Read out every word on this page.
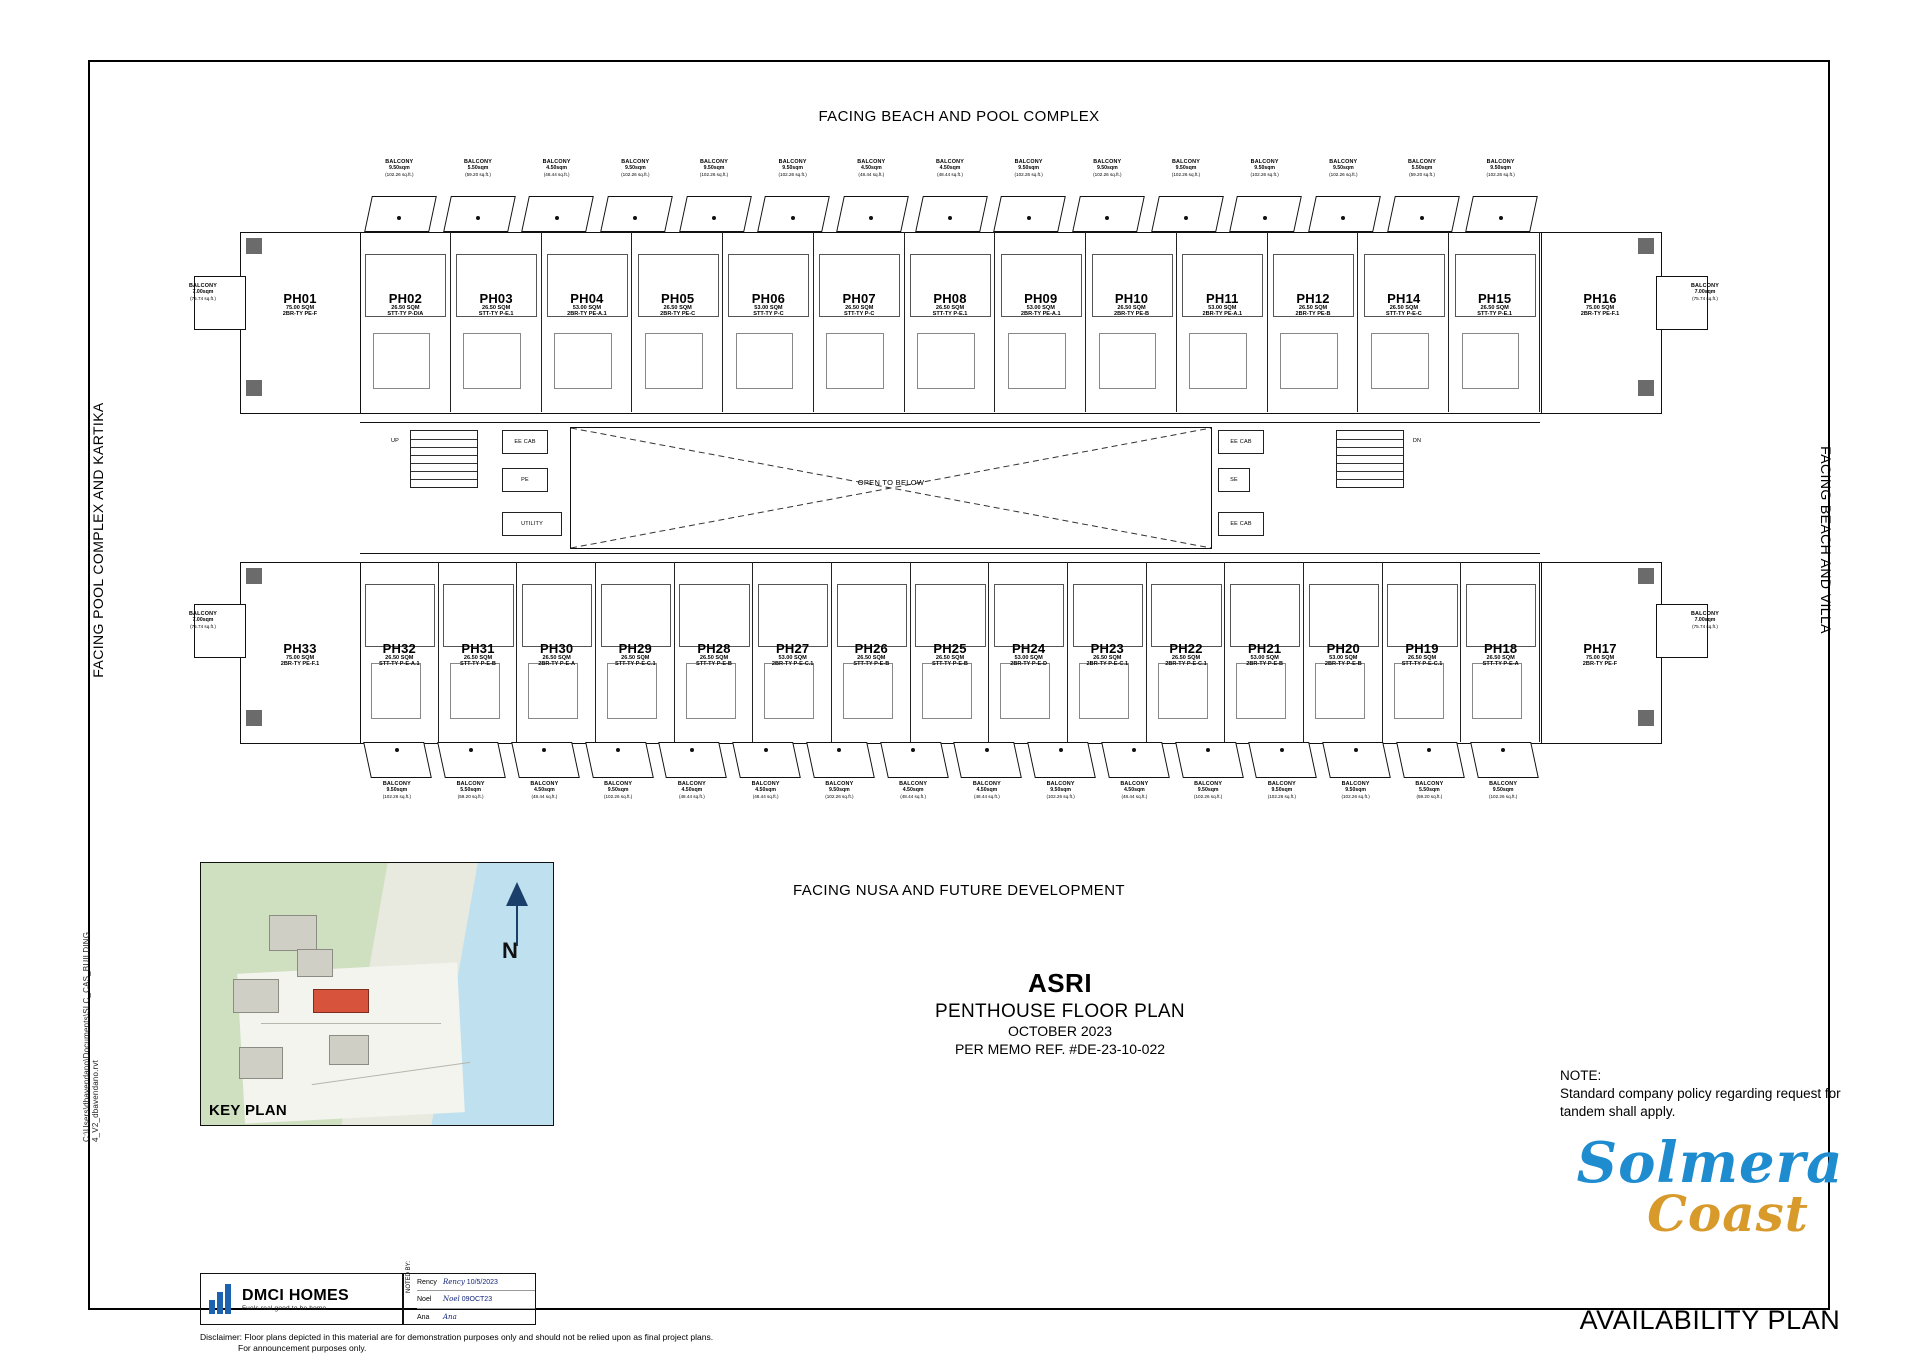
FACING BEACH AND POOL COMPLEX
FACING NUSA AND FUTURE DEVELOPMENT
FACING POOL COMPLEX AND KARTIKA	FACING BEACH AND VILLA
C:\Users\dbavendano\Documents\SLC_CAS_BUILDING 4_V2_dbavendano.rvt
OPEN TO BELOW
EE CAB
PE
UTILITY
EE CAB
SE
EE CAB
UP	DN
BALCONY
7.00sqm
(75.74 sq.ft.)
BALCONY
7.00sqm
(75.74 sq.ft.)
BALCONY
7.00sqm
(75.74 sq.ft.)
BALCONY
7.00sqm
(75.74 sq.ft.)
PH01
75.00 SQM
2BR-TY PE-F
PH02
26.50 SQM
STT-TY P-D/A
PH03
26.50 SQM
STT-TY P-E.1
PH04
53.00 SQM
2BR-TY PE-A.1
PH05
26.50 SQM
2BR-TY PE-C
PH06
53.00 SQM
STT-TY P-C
PH07
26.50 SQM
STT-TY P-C
PH08
26.50 SQM
STT-TY P-E.1
PH09
53.00 SQM
2BR-TY PE-A.1
PH10
26.50 SQM
2BR-TY PE-B
PH11
53.00 SQM
2BR-TY PE-A.1
PH12
26.50 SQM
2BR-TY PE-B
PH14
26.50 SQM
STT-TY P-E-C
PH15
26.50 SQM
STT-TY P-E.1
PH16
75.00 SQM
2BR-TY PE-F.1
PH33
75.00 SQM
2BR-TY PE-F.1
PH32
26.50 SQM
STT-TY P-E-A.1
PH31
26.50 SQM
STT-TY P-E-B
PH30
26.50 SQM
2BR-TY P-E-A
PH29
26.50 SQM
STT-TY P-E-C.1
PH28
26.50 SQM
STT-TY P-E-B
PH27
53.00 SQM
2BR-TY P-E-C.1
PH26
26.50 SQM
STT-TY P-E-B
PH25
26.50 SQM
STT-TY P-E-B
PH24
53.00 SQM
2BR-TY P-E-D
PH23
26.50 SQM
2BR-TY P-E-C.1
PH22
26.50 SQM
2BR-TY P-E-C.1
PH21
53.00 SQM
2BR-TY P-E-B
PH20
53.00 SQM
2BR-TY P-E-B
PH19
26.50 SQM
STT-TY P-E-C.1
PH18
26.50 SQM
STT-TY P-E-A
PH17
75.00 SQM
2BR-TY PE-F
BALCONY
9.50sqm
(102.26 sq.ft.)
BALCONY
5.50sqm
(59.20 sq.ft.)
BALCONY
4.50sqm
(48.44 sq.ft.)
BALCONY
9.50sqm
(102.26 sq.ft.)
BALCONY
9.50sqm
(102.26 sq.ft.)
BALCONY
9.50sqm
(102.26 sq.ft.)
BALCONY
4.50sqm
(48.44 sq.ft.)
BALCONY
4.50sqm
(48.44 sq.ft.)
BALCONY
9.50sqm
(102.26 sq.ft.)
BALCONY
9.50sqm
(102.26 sq.ft.)
BALCONY
9.50sqm
(102.26 sq.ft.)
BALCONY
9.50sqm
(102.26 sq.ft.)
BALCONY
9.50sqm
(102.26 sq.ft.)
BALCONY
5.50sqm
(59.20 sq.ft.)
BALCONY
9.50sqm
(102.26 sq.ft.)
BALCONY
9.50sqm
(102.26 sq.ft.)
BALCONY
5.50sqm
(59.20 sq.ft.)
BALCONY
4.50sqm
(48.44 sq.ft.)
BALCONY
9.50sqm
(102.26 sq.ft.)
BALCONY
4.50sqm
(48.44 sq.ft.)
BALCONY
4.50sqm
(48.44 sq.ft.)
BALCONY
9.50sqm
(102.26 sq.ft.)
BALCONY
4.50sqm
(48.44 sq.ft.)
BALCONY
4.50sqm
(48.44 sq.ft.)
BALCONY
9.50sqm
(102.26 sq.ft.)
BALCONY
4.50sqm
(48.44 sq.ft.)
BALCONY
9.50sqm
(102.26 sq.ft.)
BALCONY
9.50sqm
(102.26 sq.ft.)
BALCONY
9.50sqm
(102.26 sq.ft.)
BALCONY
5.50sqm
(59.20 sq.ft.)
BALCONY
9.50sqm
(102.26 sq.ft.)
KEY PLAN
N
ASRI
PENTHOUSE FLOOR PLAN
OCTOBER 2023
PER MEMO REF. #DE-23-10-022
NOTE:
Standard company policy regarding request for tandem shall apply.
Solmera
Coast
AVAILABILITY PLAN
DMCI HOMES
Fuels real good to be home.
NOTED BY: Rency Rency 10/5/2023
Noel	Noel 09OCT23
Ana	Ana
Disclaimer: Floor plans depicted in this material are for demonstration purposes only and should not be relied upon as final project plans.
For announcement purposes only.
